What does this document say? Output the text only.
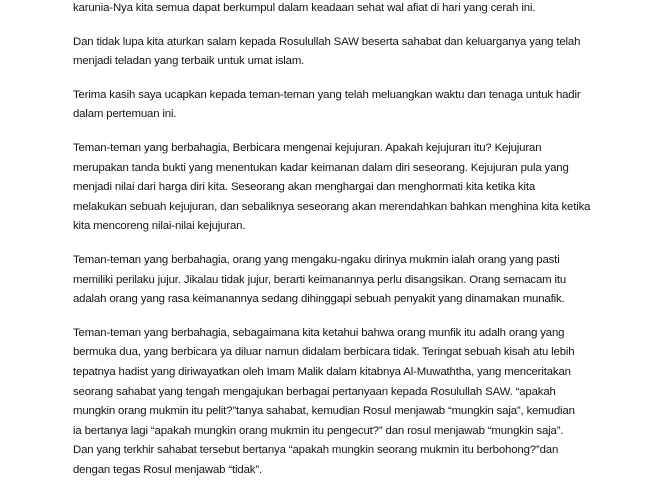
karunia-Nya kita semua dapat berkumpul dalam keadaan sehat wal afiat di hari yang cerah ini.
Dan tidak lupa kita aturkan salam kepada Rosulullah SAW beserta sahabat dan keluarganya yang telah
menjadi teladan yang terbaik untuk umat islam.
Terima kasih saya ucapkan kepada teman-teman yang telah meluangkan waktu dan tenaga untuk hadir
dalam pertemuan ini.
Teman-teman yang berbahagia, Berbicara mengenai kejujuran. Apakah kejujuran itu? Kejujuran
merupakan tanda bukti yang menentukan kadar keimanan dalam diri seseorang. Kejujuran pula yang
menjadi nilai dari harga diri kita. Seseorang akan menghargai dan menghormati kita ketika kita
melakukan sebuah kejujuran, dan sebaliknya seseorang akan merendahkan bahkan menghina kita ketika
kita mencoreng nilai-nilai kejujuran.
Teman-teman yang berbahagia, orang yang mengaku-ngaku dirinya mukmin ialah orang yang pasti
memiliki perilaku jujur. Jikalau tidak jujur, berarti keimanannya perlu disangsikan. Orang semacam itu
adalah orang yang rasa keimanannya sedang dihinggapi sebuah penyakit yang dinamakan munafik.
Teman-teman yang berbahagia, sebagaimana kita ketahui bahwa orang munfik itu adalh orang yang
bermuka dua, yang berbicara ya diluar namun didalam berbicara tidak. Teringat sebuah kisah atu lebih
tepatnya hadist yang diriwayatkan oleh Imam Malik dalam kitabnya Al-Muwaththa, yang menceritakan
seorang sahabat yang tengah mengajukan berbagai pertanyaan kepada Rosulullah SAW. “apakah
mungkin orang mukmin itu pelit?”tanya sahabat, kemudian Rosul menjawab “mungkin saja”, kemudian
ia bertanya lagi “apakah mungkin orang mukmin itu pengecut?” dan rosul menjawab “mungkin saja”.
Dan yang terkhir sahabat tersebut bertanya “apakah mungkin seorang mukmin itu berbohong?”dan
dengan tegas Rosul menjawab “tidak”.
